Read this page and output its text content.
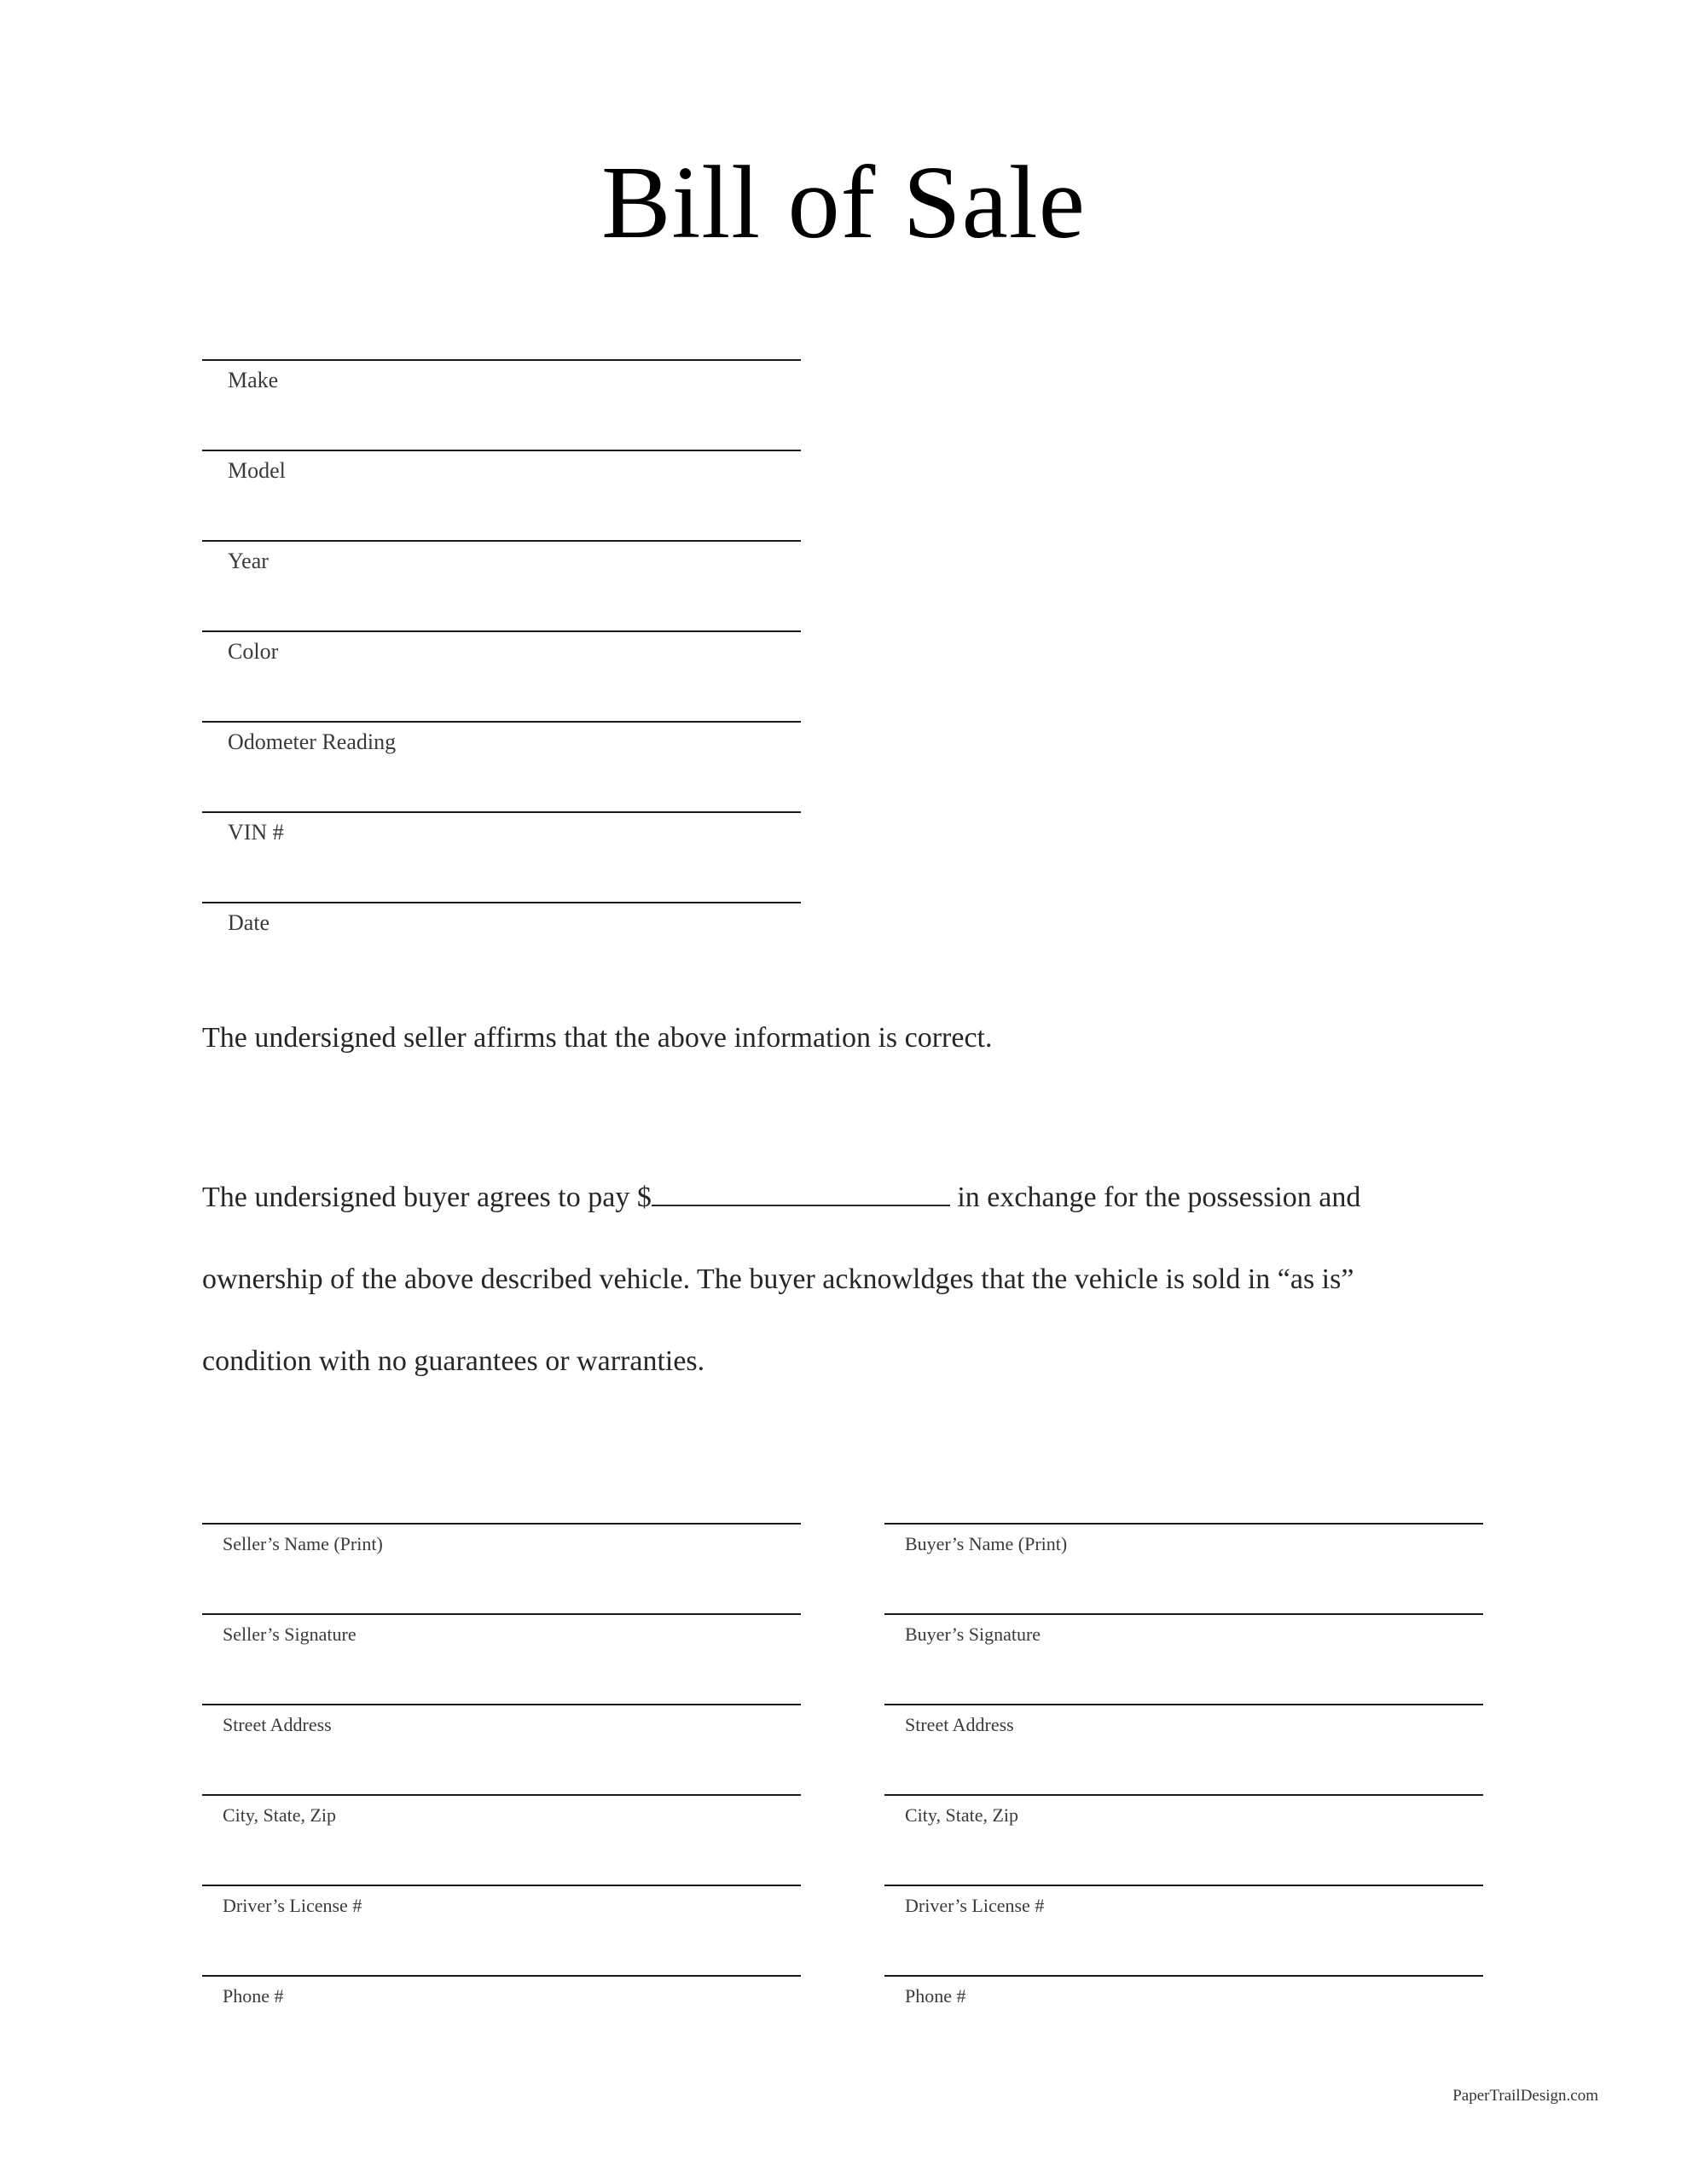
Bill of Sale
Make
Model
Year
Color
Odometer Reading
VIN #
Date
The undersigned seller affirms that the above information is correct.
The undersigned buyer agrees to pay $	in exchange for the possession and ownership of the above described vehicle. The buyer acknowldges that the vehicle is sold in “as is” condition with no guarantees or warranties.
Seller’s Name (Print)
Seller’s Signature
Street Address
City, State, Zip
Driver’s License #
Phone #
Buyer’s Name (Print)
Buyer’s Signature
Street Address
City, State, Zip
Driver’s License #
Phone #
PaperTrailDesign.com
